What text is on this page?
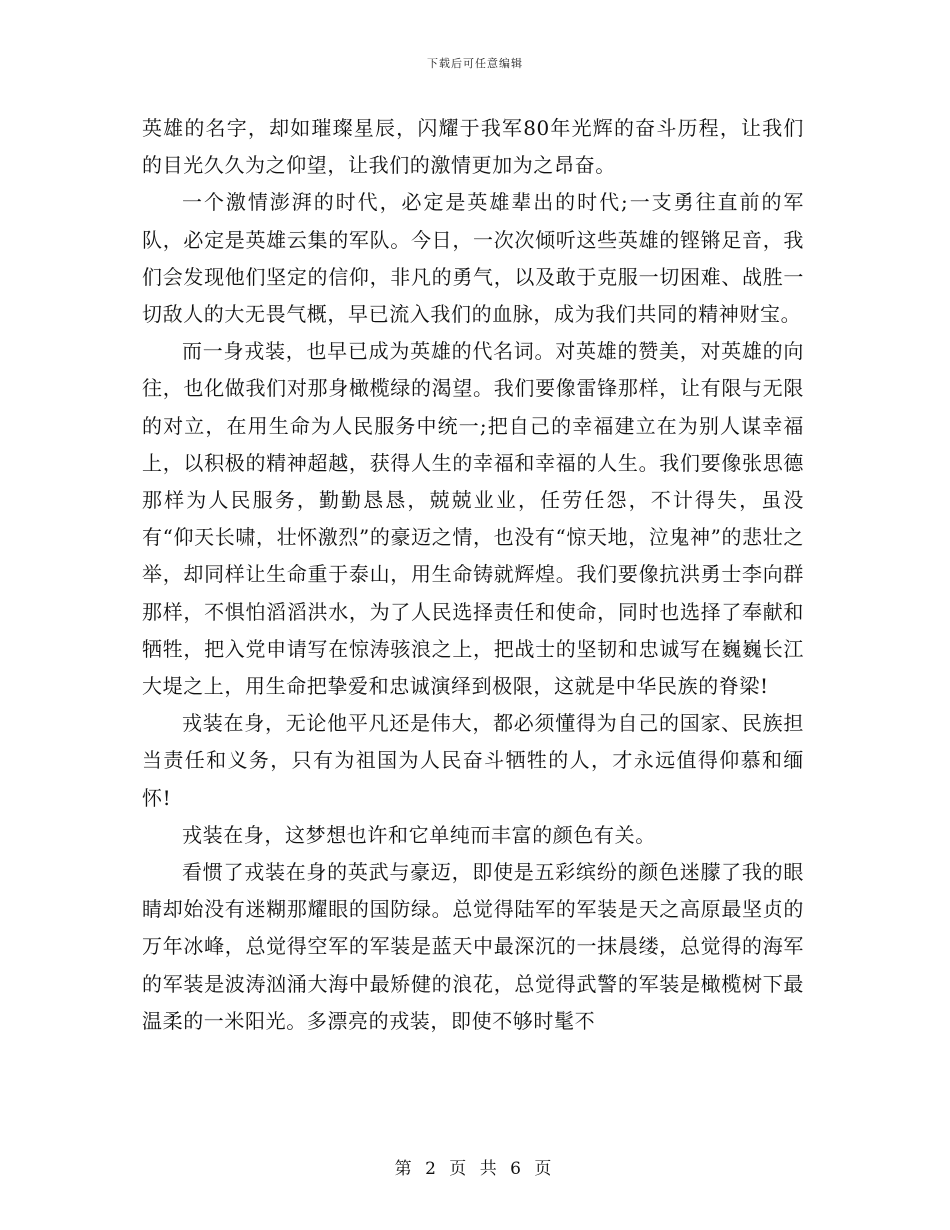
下载后可任意编辑

英雄的名字，却如璀璨星辰，闪耀于我军80年光辉的奋斗历程，让我们的目光久久为之仰望，让我们的激情更加为之昂奋。

一个激情澎湃的时代，必定是英雄辈出的时代;一支勇往直前的军队，必定是英雄云集的军队。今日，一次次倾听这些英雄的铿锵足音，我们会发现他们坚定的信仰，非凡的勇气，以及敢于克服一切困难、战胜一切敌人的大无畏气概，早已流入我们的血脉，成为我们共同的精神财宝。

而一身戎装，也早已成为英雄的代名词。对英雄的赞美，对英雄的向往，也化做我们对那身橄榄绿的渴望。我们要像雷锋那样，让有限与无限的对立，在用生命为人民服务中统一;把自己的幸福建立在为别人谋幸福上，以积极的精神超越，获得人生的幸福和幸福的人生。我们要像张思德那样为人民服务，勤勤恳恳，兢兢业业，任劳任怨，不计得失，虽没有“仰天长啸，壮怀激烈”的豪迈之情，也没有“惊天地，泣鬼神”的悲壮之举，却同样让生命重于泰山，用生命铸就辉煌。我们要像抗洪勇士李向群那样，不惧怕滔滔洪水，为了人民选择责任和使命，同时也选择了奉献和牺牲，把入党申请写在惊涛骇浪之上，把战士的坚韧和忠诚写在巍巍长江大堤之上，用生命把挚爱和忠诚演绎到极限，这就是中华民族的脊梁!

戎装在身，无论他平凡还是伟大，都必须懂得为自己的国家、民族担当责任和义务，只有为祖国为人民奋斗牺牲的人，才永远值得仰慕和缅怀!

戎装在身，这梦想也许和它单纯而丰富的颜色有关。

看惯了戎装在身的英武与豪迈，即使是五彩缤纷的颜色迷朦了我的眼睛却始没有迷糊那耀眼的国防绿。总觉得陆军的军装是天之高原最坚贞的万年冰峰，总觉得空军的军装是蓝天中最深沉的一抹晨缕，总觉得的海军的军装是波涛汹涌大海中最矫健的浪花，总觉得武警的军装是橄榄树下最温柔的一米阳光。多漂亮的戎装，即使不够时髦不

第 2 页 共 6 页
